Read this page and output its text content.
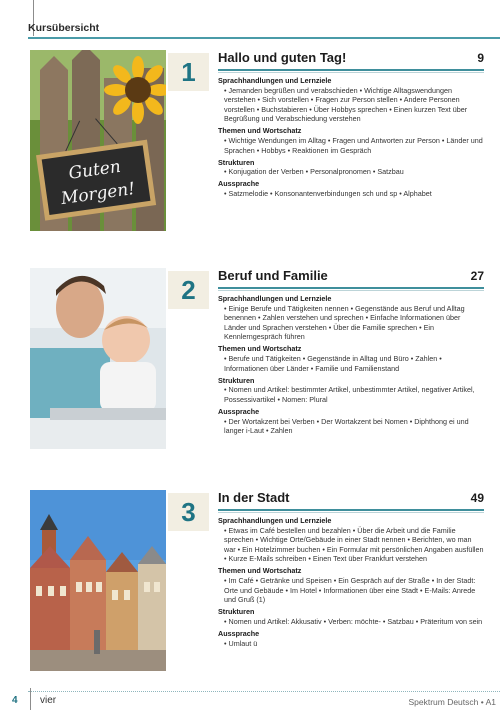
Kursübersicht
Guten
Morgen!
1 Hallo und guten Tag!	9

Sprachhandlungen und Lernziele

• Jemanden begrüßen und verabschieden • Wichtige Alltagswendungen verstehen • Sich vorstellen • Fragen zur Person stellen • Andere Personen vorstellen • Buchstabieren • Über Hobbys sprechen • Einen kurzen Text über Begrüßung und Verabschiedung verstehen

Themen und Wortschatz

• Wichtige Wendungen im Alltag • Fragen und Antworten zur Person • Länder und Sprachen • Hobbys • Reaktionen im Gespräch

Strukturen

• Konjugation der Verben • Personalpronomen • Satzbau

Aussprache

• Satzmelodie • Konsonantenverbindungen sch und sp • Alphabet

2 Beruf und Familie	27

Sprachhandlungen und Lernziele

• Einige Berufe und Tätigkeiten nennen • Gegenstände aus Beruf und Alltag benennen • Zahlen verstehen und sprechen • Einfache Informationen über Länder und Sprachen verstehen • Über die Familie sprechen • Ein Kennlerngespräch führen

Themen und Wortschatz

• Berufe und Tätigkeiten • Gegenstände in Alltag und Büro • Zahlen • Informationen über Länder • Familie und Familienstand

Strukturen

• Nomen und Artikel: bestimmter Artikel, unbestimmter Artikel, negativer Artikel, Possessivartikel • Nomen: Plural

Aussprache

• Der Wortakzent bei Verben • Der Wortakzent bei Nomen • Diphthong ei und langer i-Laut • Zahlen

3 In der Stadt	49

Sprachhandlungen und Lernziele

• Etwas im Café bestellen und bezahlen • Über die Arbeit und die Familie sprechen • Wichtige Orte/Gebäude in einer Stadt nennen • Berichten, wo man war • Ein Hotelzimmer buchen • Ein Formular mit persönlichen Angaben ausfüllen • Kurze E-Mails schreiben • Einen Text über Frankfurt verstehen

Themen und Wortschatz

• Im Café • Getränke und Speisen • Ein Gespräch auf der Straße • In der Stadt: Orte und Gebäude • Im Hotel • Informationen über eine Stadt • E-Mails: Anrede und Gruß (1)

Strukturen

• Nomen und Artikel: Akkusativ • Verben: möchte- • Satzbau • Präteritum von sein

Aussprache

• Umlaut ü

4 vier	Spektrum Deutsch • A1
